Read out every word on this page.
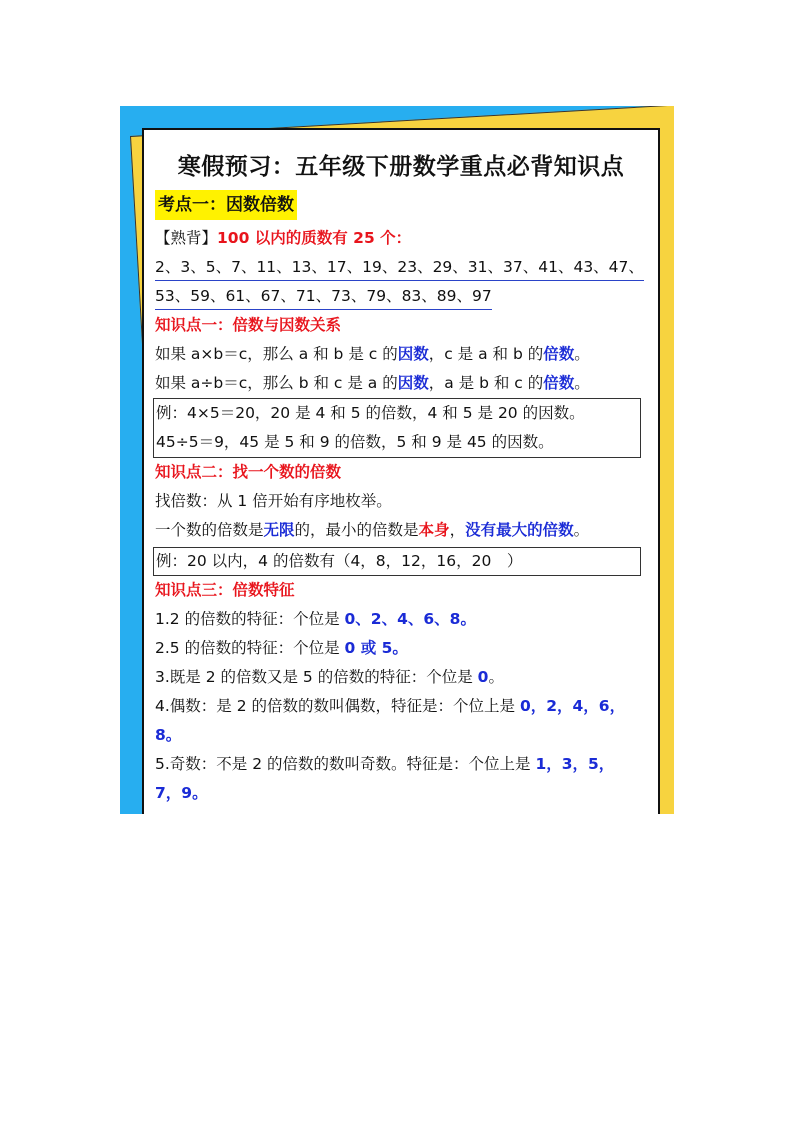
寒假预习：五年级下册数学重点必背知识点
考点一：因数倍数
【熟背】100 以内的质数有 25 个：
2、3、5、7、11、13、17、19、23、29、31、37、41、43、47、
53、59、61、67、71、73、79、83、89、97
知识点一：倍数与因数关系
如果 a×b＝c，那么 a 和 b 是 c 的因数，c 是 a 和 b 的倍数。
如果 a÷b＝c，那么 b 和 c 是 a 的因数，a 是 b 和 c 的倍数。
例：4×5＝20，20 是 4 和 5 的倍数，4 和 5 是 20 的因数。
45÷5＝9，45 是 5 和 9 的倍数，5 和 9 是 45 的因数。
知识点二：找一个数的倍数
找倍数：从 1 倍开始有序地枚举。
一个数的倍数是无限的，最小的倍数是本身，没有最大的倍数。
例：20 以内，4 的倍数有（4，8，12，16，20　）
知识点三：倍数特征
1.2 的倍数的特征：个位是 0、2、4、6、8。
2.5 的倍数的特征：个位是 0 或 5。
3.既是 2 的倍数又是 5 的倍数的特征：个位是 0。
4.偶数：是 2 的倍数的数叫偶数，特征是：个位上是 0，2，4，6，
8。
5.奇数：不是 2 的倍数的数叫奇数。特征是：个位上是 1，3，5，
7，9。
